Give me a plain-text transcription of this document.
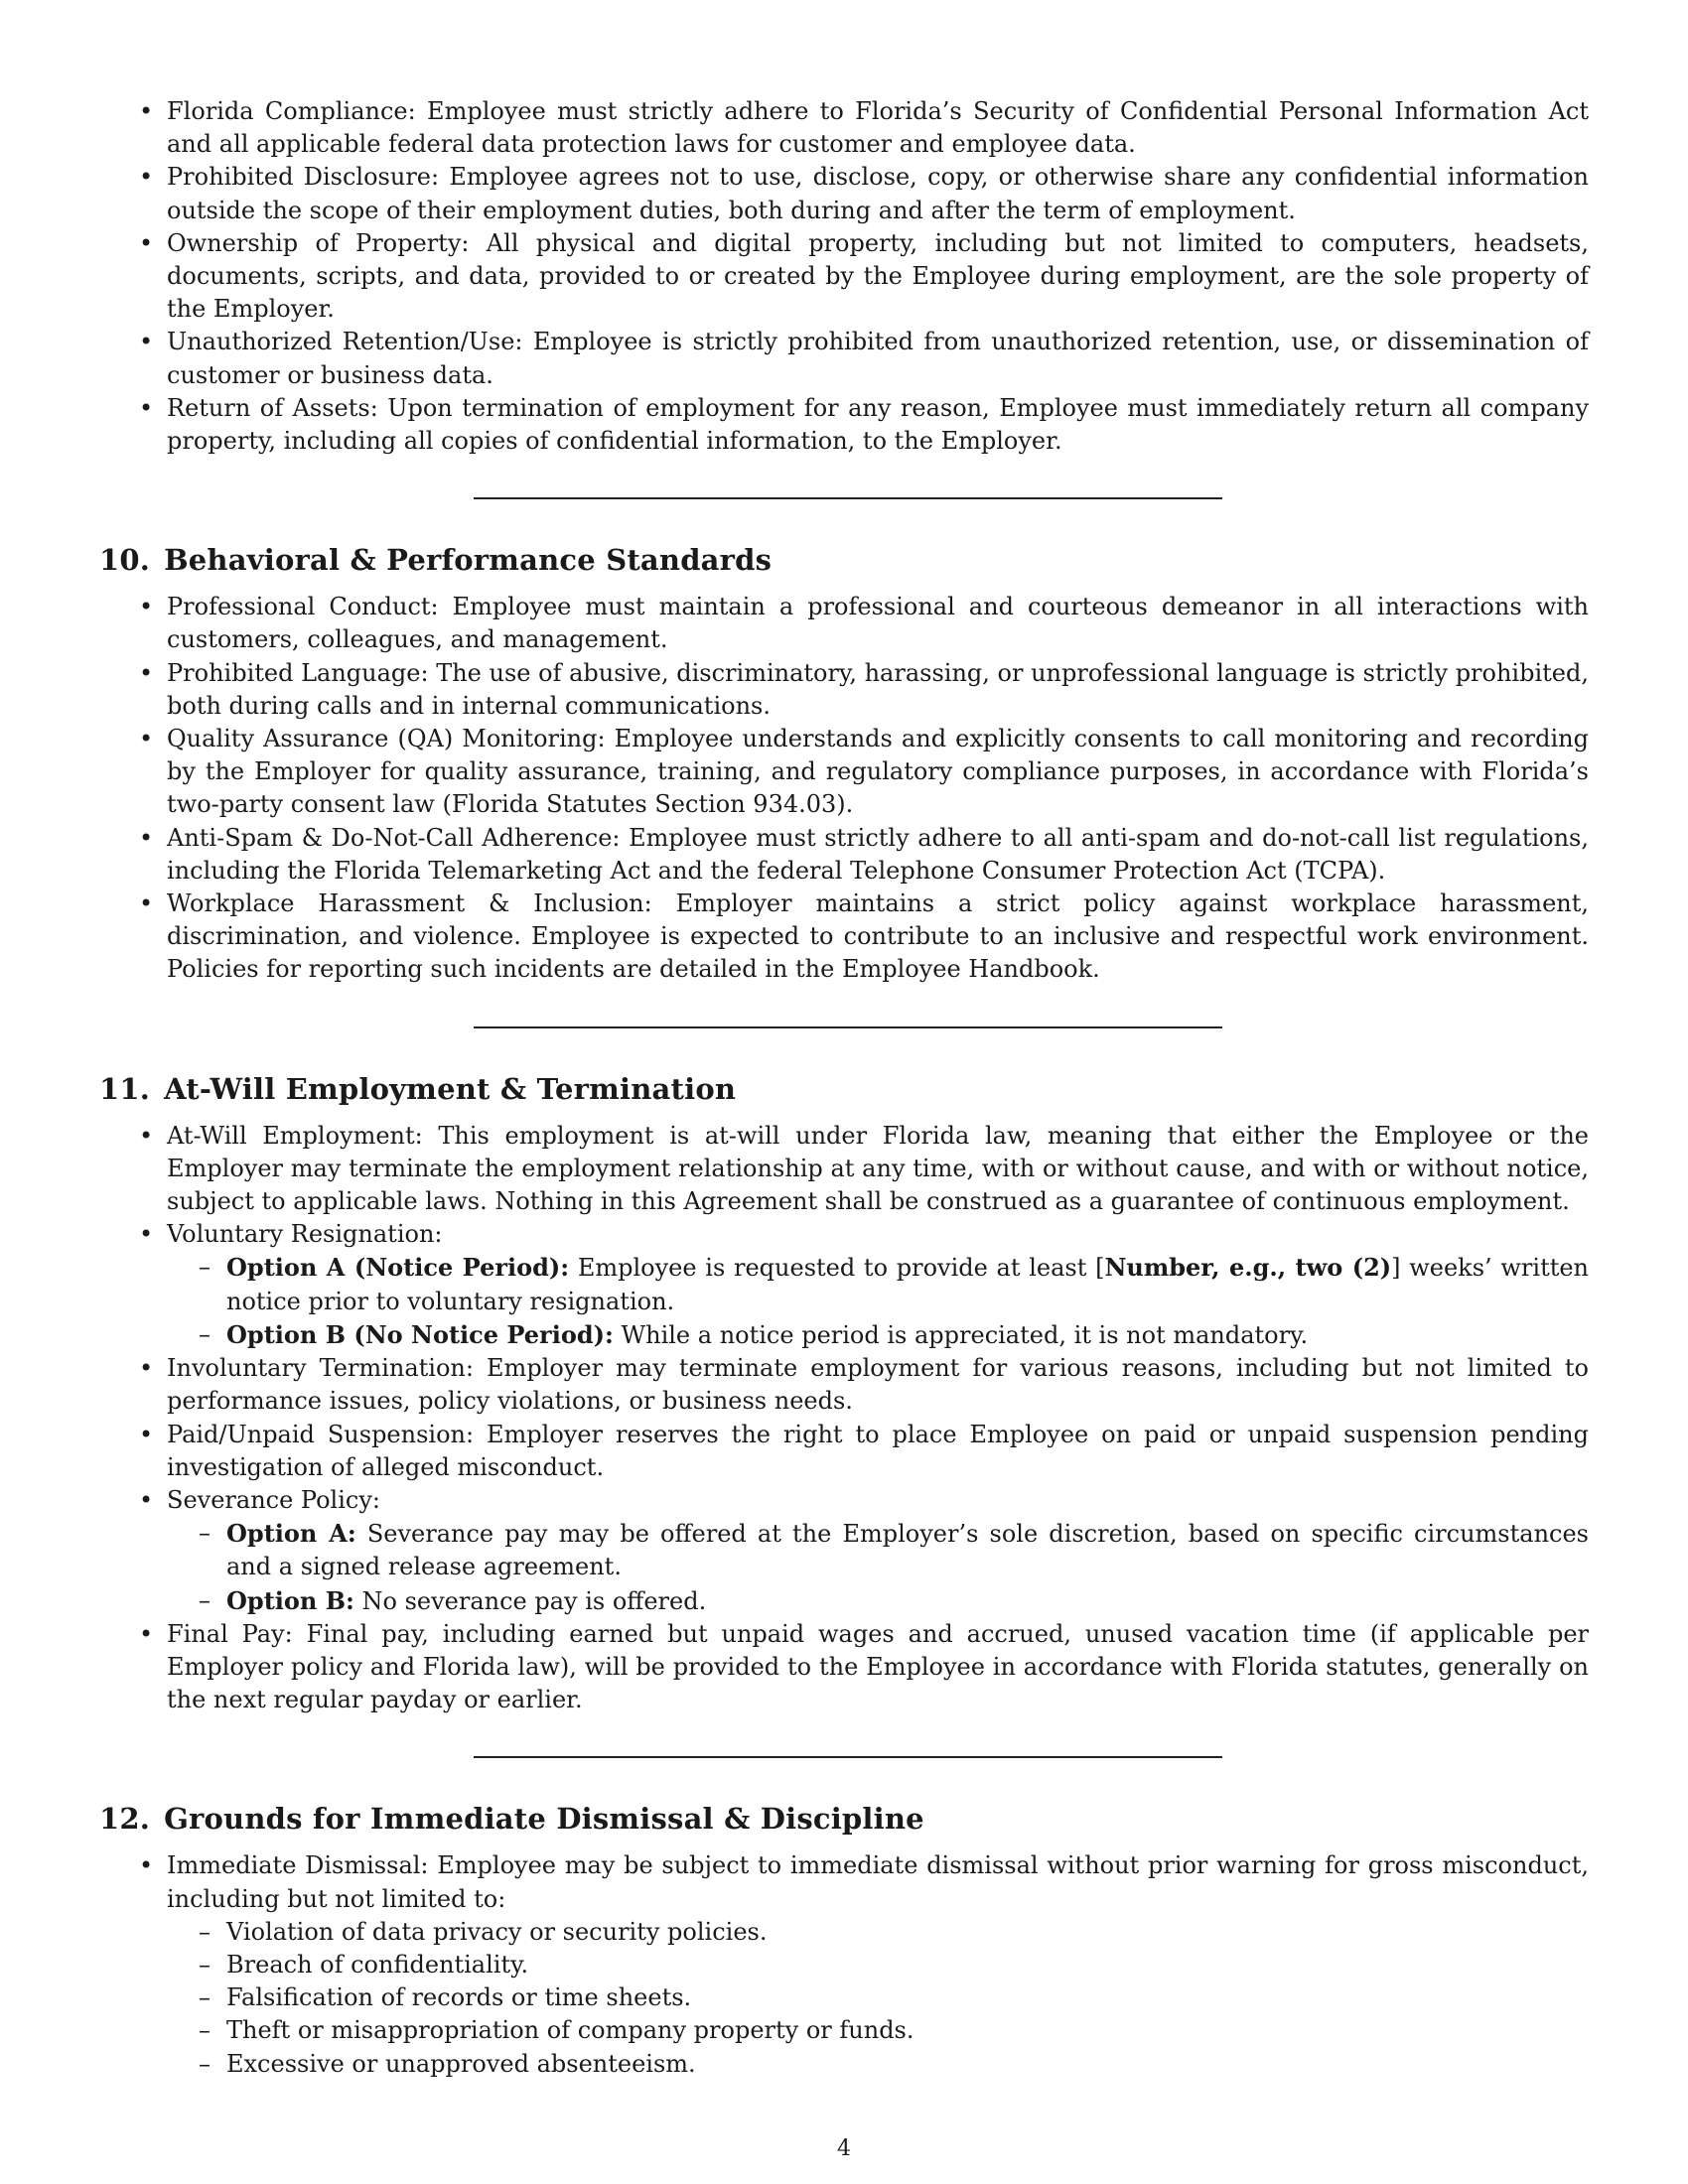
• Florida Compliance: Employee must strictly adhere to Florida’s Security of Confidential Personal Information Act and all applicable federal data protection laws for customer and employee data.
• Prohibited Disclosure: Employee agrees not to use, disclose, copy, or otherwise share any confidential information outside the scope of their employment duties, both during and after the term of employment.
• Ownership of Property: All physical and digital property, including but not limited to computers, headsets, documents, scripts, and data, provided to or created by the Employee during employment, are the sole property of the Employer.
• Unauthorized Retention/Use: Employee is strictly prohibited from unauthorized retention, use, or dissemination of customer or business data.
• Return of Assets: Upon termination of employment for any reason, Employee must immediately return all company property, including all copies of confidential information, to the Employer.
10. Behavioral & Performance Standards
• Professional Conduct: Employee must maintain a professional and courteous demeanor in all interactions with customers, colleagues, and management.
• Prohibited Language: The use of abusive, discriminatory, harassing, or unprofessional language is strictly prohibited, both during calls and in internal communications.
• Quality Assurance (QA) Monitoring: Employee understands and explicitly consents to call monitoring and recording by the Employer for quality assurance, training, and regulatory compliance purposes, in accordance with Florida’s two-party consent law (Florida Statutes Section 934.03).
• Anti-Spam & Do-Not-Call Adherence: Employee must strictly adhere to all anti-spam and do-not-call list regulations, including the Florida Telemarketing Act and the federal Telephone Consumer Protection Act (TCPA).
• Workplace Harassment & Inclusion: Employer maintains a strict policy against workplace harassment, discrimination, and violence. Employee is expected to contribute to an inclusive and respectful work environment. Policies for reporting such incidents are detailed in the Employee Handbook.
11. At-Will Employment & Termination
• At-Will Employment: This employment is at-will under Florida law, meaning that either the Employee or the Employer may terminate the employment relationship at any time, with or without cause, and with or without notice, subject to applicable laws. Nothing in this Agreement shall be construed as a guarantee of continuous employment.
• Voluntary Resignation:
– Option A (Notice Period): Employee is requested to provide at least [Number, e.g., two (2)] weeks’ written notice prior to voluntary resignation.
– Option B (No Notice Period): While a notice period is appreciated, it is not mandatory.
• Involuntary Termination: Employer may terminate employment for various reasons, including but not limited to performance issues, policy violations, or business needs.
• Paid/Unpaid Suspension: Employer reserves the right to place Employee on paid or unpaid suspension pending investigation of alleged misconduct.
• Severance Policy:
– Option A: Severance pay may be offered at the Employer’s sole discretion, based on specific circumstances and a signed release agreement.
– Option B: No severance pay is offered.
• Final Pay: Final pay, including earned but unpaid wages and accrued, unused vacation time (if applicable per Employer policy and Florida law), will be provided to the Employee in accordance with Florida statutes, generally on the next regular payday or earlier.
12. Grounds for Immediate Dismissal & Discipline
• Immediate Dismissal: Employee may be subject to immediate dismissal without prior warning for gross misconduct, including but not limited to:
– Violation of data privacy or security policies.
– Breach of confidentiality.
– Falsification of records or time sheets.
– Theft or misappropriation of company property or funds.
– Excessive or unapproved absenteeism.
4
